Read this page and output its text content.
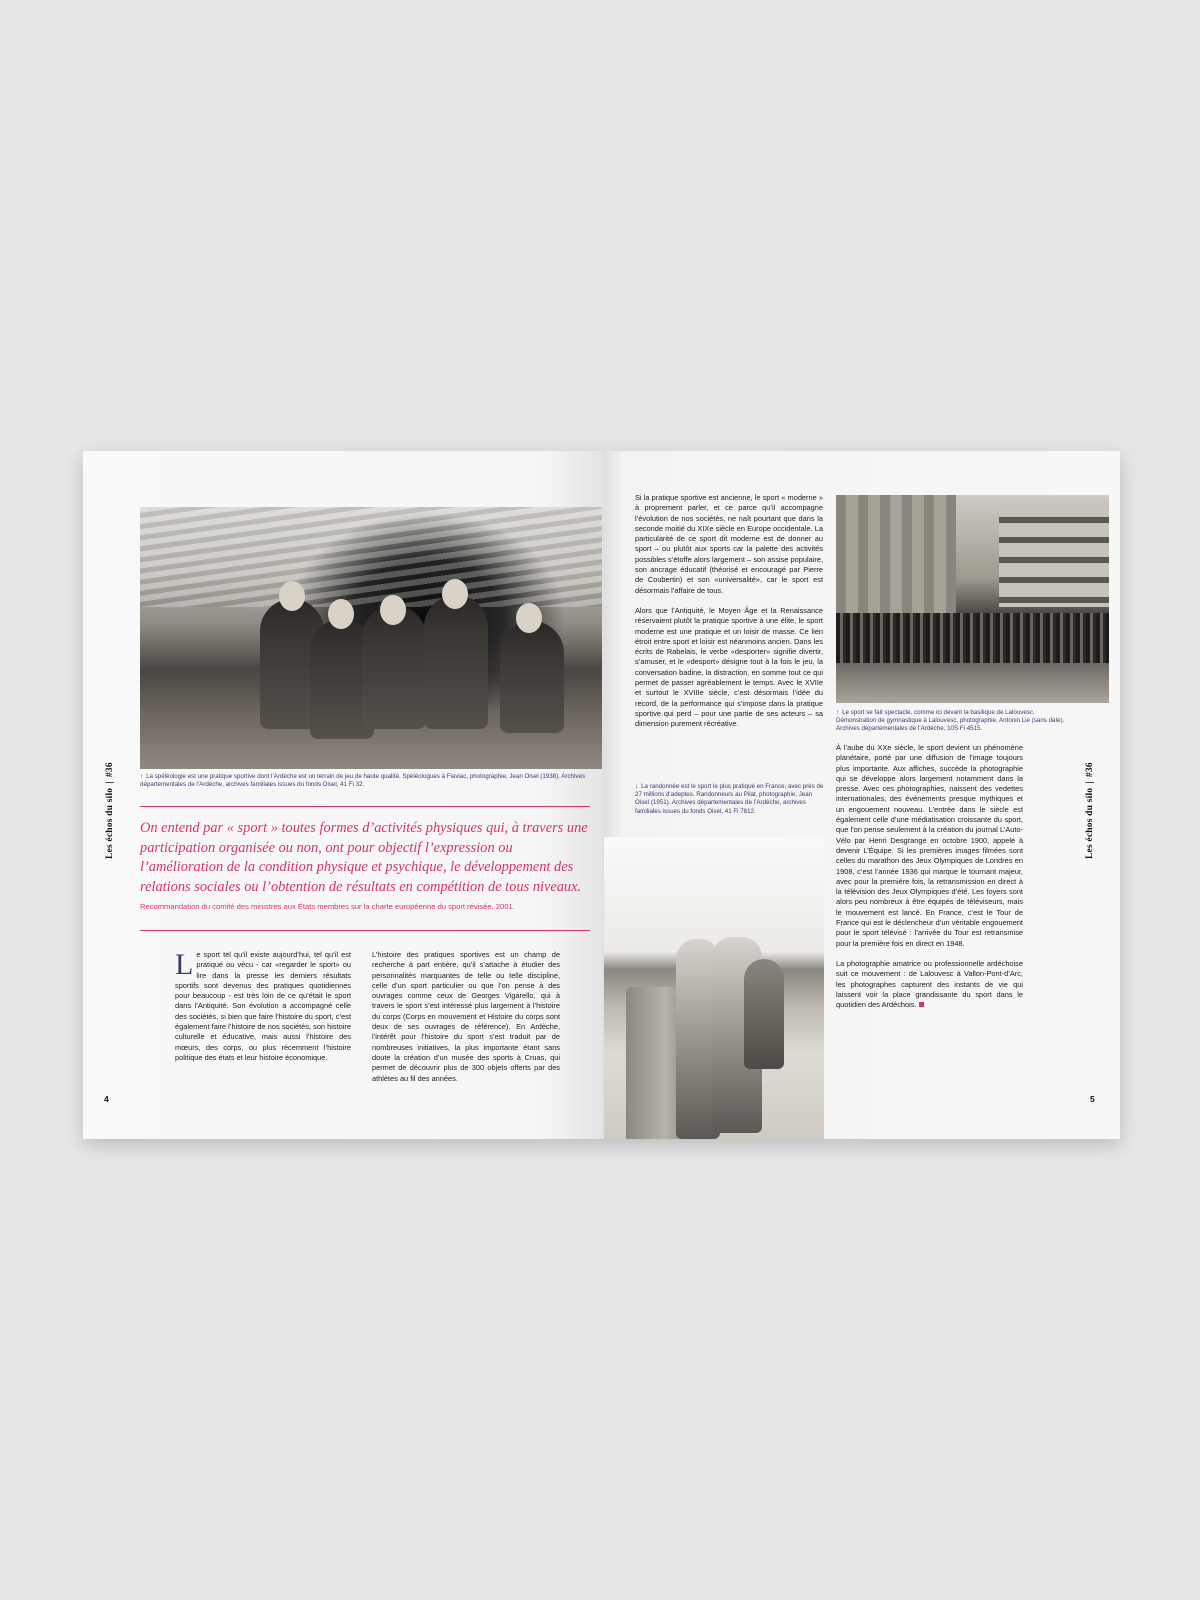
↑ La spéléologie est une pratique sportive dont l’Ardèche est un terrain de jeu de haute qualité. Spéléologues à Flaviac, photographie, Jean Oisel (1938). Archives départementales de l’Ardèche, archives familiales issues du fonds Oisel, 41 Fi 32.
Les échos du silo|#36
On entend par « sport » toutes formes d’activités physiques qui, à travers une participation organisée ou non, ont pour objectif l’expression ou l’amélioration de la condition physique et psychique, le développement des relations sociales ou l’obtention de résultats en compétition de tous niveaux.
Recommandation du comité des ministres aux États membres sur la charte européenne du sport révisée, 2001.
Le sport tel qu’il existe aujourd’hui, tel qu’il est pratiqué ou vécu - car «regarder le sport» ou lire dans la presse les derniers résultats sportifs sont devenus des pratiques quotidiennes pour beaucoup - est très loin de ce qu’était le sport dans l’Antiquité. Son évolution a accompagné celle des sociétés, si bien que faire l’histoire du sport, c’est également faire l’histoire de nos sociétés, son histoire culturelle et éducative, mais aussi l’histoire des mœurs, des corps, ou plus récemment l’histoire politique des états et leur histoire économique.
L’histoire des pratiques sportives est un champ de recherche à part entière, qu’il s’attache à étudier des personnalités marquantes de telle ou telle discipline, celle d’un sport particulier ou que l’on pense à des ouvrages comme ceux de Georges Vigarello, qui à travers le sport s’est intéressé plus largement à l’histoire du corps (Corps en mouvement et Histoire du corps sont deux de ses ouvrages de référence). En Ardèche, l’intérêt pour l’histoire du sport s’est traduit par de nombreuses initiatives, la plus importante étant sans doute la création d’un musée des sports à Cruas, qui permet de découvrir plus de 300 objets offerts par des athlètes au fil des années.
4

Si la pratique sportive est ancienne, le sport « moderne » à proprement parler, et ce parce qu’il accompagne l’évolution de nos sociétés, ne naît pourtant que dans la seconde moitié du XIXe siècle en Europe occidentale. La particularité de ce sport dit moderne est de donner au sport – ou plutôt aux sports car la palette des activités possibles s’étoffe alors largement – son assise populaire, son ancrage éducatif (théorisé et encouragé par Pierre de Coubertin) et son «universalité», car le sport est désormais l’affaire de tous.

Alors que l’Antiquité, le Moyen Âge et la Renaissance réservaient plutôt la pratique sportive à une élite, le sport moderne est une pratique et un loisir de masse. Ce lien étroit entre sport et loisir est néanmoins ancien. Dans les écrits de Rabelais, le verbe «desporter» signifie divertir, s’amuser, et le «desport» désigne tout à la fois le jeu, la conversation badine, la distraction, en somme tout ce qui permet de passer agréablement le temps. Avec le XVIIe et surtout le XVIIIe siècle, c’est désormais l’idée du record, de la performance qui s’impose dans la pratique sportive qui perd – pour une partie de ses acteurs – sa dimension purement récréative.

↓ La randonnée est le sport le plus pratiqué en France, avec près de 27 millions d’adeptes. Randonneurs au Pilat, photographie, Jean Oisel (1951). Archives départementales de l’Ardèche, archives familiales issues du fonds Oisel, 41 Fi 7812.
↑ Le sport se fait spectacle, comme ici devant la basilique de Lalouvesc. Démonstration de gymnastique à Lalouvesc, photographie, Antonin Lie (sans date). Archives départementales de l’Ardèche, 10S Fi 4515.

À l’aube du XXe siècle, le sport devient un phénomène planétaire, porté par une diffusion de l’image toujours plus importante. Aux affiches, succède la photographie qui se développe alors largement notamment dans la presse. Avec ces photographies, naissent des vedettes internationales, des événements presque mythiques et un engouement nouveau. L’entrée dans le siècle est également celle d’une médiatisation croissante du sport, que l’on pense seulement à la création du journal L’Auto-Vélo par Henri Desgrange en octobre 1900, appelé à devenir L’Équipe. Si les premières images filmées sont celles du marathon des Jeux Olympiques de Londres en 1908, c’est l’année 1936 qui marque le tournant majeur, avec pour la première fois, la retransmission en direct à la télévision des Jeux Olympiques d’été. Les foyers sont alors peu nombreux à être équipés de téléviseurs, mais le mouvement est lancé. En France, c’est le Tour de France qui est le déclencheur d’un véritable engouement pour le sport télévisé : l’arrivée du Tour est retransmise pour la première fois en direct en 1948.

La photographie amatrice ou professionnelle ardéchoise suit ce mouvement : de Lalouvesc à Vallon-Pont-d’Arc, les photographes capturent des instants de vie qui laissent voir la place grandissante du sport dans le quotidien des Ardéchois.

Les échos du silo|#36
5
